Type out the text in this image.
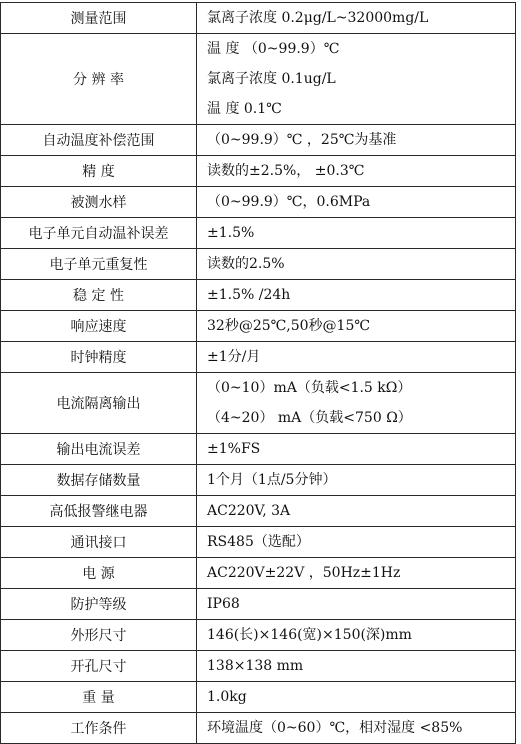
测量范围	氯离子浓度 0.2μg/L~32000mg/L

分 辨 率	温 度 （0~99.9）℃
氯离子浓度 0.1ug/L
温 度 0.1℃

自动温度补偿范围	（0~99.9）℃ ，25℃为基准

精 度	读数的±2.5%， ±0.3℃

被测水样	（0~99.9）℃，0.6MPa

电子单元自动温补误差	±1.5%

电子单元重复性	读数的2.5%

稳 定 性	±1.5% /24h

响应速度	32秒@25℃,50秒@15℃

时钟精度	±1分/月

电流隔离输出	（0~10）mA（负载<1.5 kΩ）
（4~20） mA（负载<750 Ω）

输出电流误差	±1%FS

数据存储数量	1个月（1点/5分钟）

高低报警继电器	AC220V, 3A

通讯接口	RS485（选配）

电 源	AC220V±22V ，50Hz±1Hz

防护等级	IP68

外形尺寸	146(长)×146(宽)×150(深)mm

开孔尺寸	138×138 mm

重 量	1.0kg

工作条件	环境温度（0~60）℃，相对湿度 <85%
